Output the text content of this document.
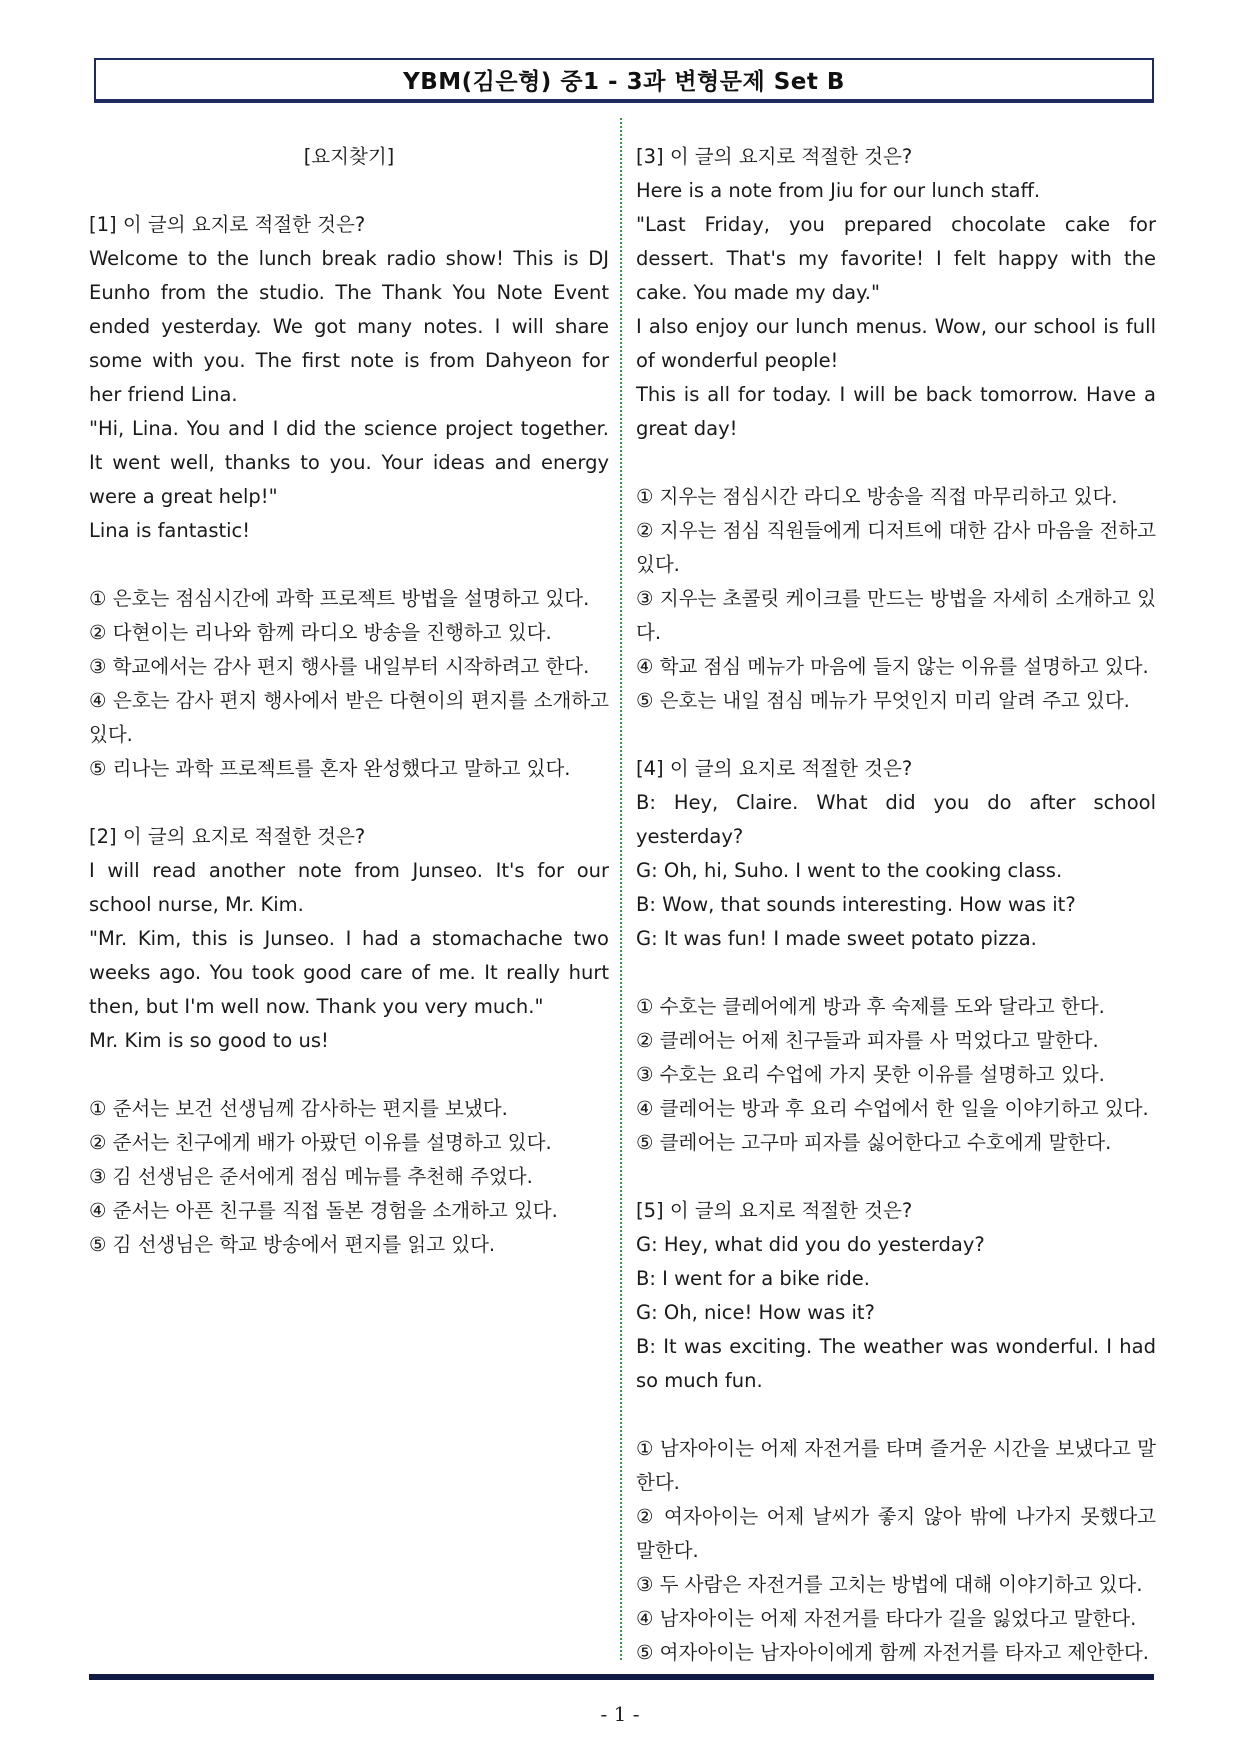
YBM(김은형) 중1 - 3과 변형문제 Set B

[요지찾기]

[1] 이 글의 요지로 적절한 것은?

Welcome to the lunch break radio show! This is DJ Eunho from the studio. The Thank You Note Event ended yesterday. We got many notes. I will share some with you. The first note is from Dahyeon for her friend Lina.

"Hi, Lina. You and I did the science project together. It went well, thanks to you. Your ideas and energy were a great help!"

Lina is fantastic!

① 은호는 점심시간에 과학 프로젝트 방법을 설명하고 있다.

② 다현이는 리나와 함께 라디오 방송을 진행하고 있다.

③ 학교에서는 감사 편지 행사를 내일부터 시작하려고 한다.

④ 은호는 감사 편지 행사에서 받은 다현이의 편지를 소개하고 있다.

⑤ 리나는 과학 프로젝트를 혼자 완성했다고 말하고 있다.

[2] 이 글의 요지로 적절한 것은?

I will read another note from Junseo. It's for our school nurse, Mr. Kim.

"Mr. Kim, this is Junseo. I had a stomachache two weeks ago. You took good care of me. It really hurt then, but I'm well now. Thank you very much."

Mr. Kim is so good to us!

① 준서는 보건 선생님께 감사하는 편지를 보냈다.

② 준서는 친구에게 배가 아팠던 이유를 설명하고 있다.

③ 김 선생님은 준서에게 점심 메뉴를 추천해 주었다.

④ 준서는 아픈 친구를 직접 돌본 경험을 소개하고 있다.

⑤ 김 선생님은 학교 방송에서 편지를 읽고 있다.

[3] 이 글의 요지로 적절한 것은?

Here is a note from Jiu for our lunch staff.

"Last Friday, you prepared chocolate cake for dessert. That's my favorite! I felt happy with the cake. You made my day."

I also enjoy our lunch menus. Wow, our school is full of wonderful people!

This is all for today. I will be back tomorrow. Have a great day!

① 지우는 점심시간 라디오 방송을 직접 마무리하고 있다.

② 지우는 점심 직원들에게 디저트에 대한 감사 마음을 전하고 있다.

③ 지우는 초콜릿 케이크를 만드는 방법을 자세히 소개하고 있다.

④ 학교 점심 메뉴가 마음에 들지 않는 이유를 설명하고 있다.

⑤ 은호는 내일 점심 메뉴가 무엇인지 미리 알려 주고 있다.

[4] 이 글의 요지로 적절한 것은?

B: Hey, Claire. What did you do after school yesterday?

G: Oh, hi, Suho. I went to the cooking class.

B: Wow, that sounds interesting. How was it?

G: It was fun! I made sweet potato pizza.

① 수호는 클레어에게 방과 후 숙제를 도와 달라고 한다.

② 클레어는 어제 친구들과 피자를 사 먹었다고 말한다.

③ 수호는 요리 수업에 가지 못한 이유를 설명하고 있다.

④ 클레어는 방과 후 요리 수업에서 한 일을 이야기하고 있다.

⑤ 클레어는 고구마 피자를 싫어한다고 수호에게 말한다.

[5] 이 글의 요지로 적절한 것은?

G: Hey, what did you do yesterday?

B: I went for a bike ride.

G: Oh, nice! How was it?

B: It was exciting. The weather was wonderful. I had so much fun.

① 남자아이는 어제 자전거를 타며 즐거운 시간을 보냈다고 말한다.

② 여자아이는 어제 날씨가 좋지 않아 밖에 나가지 못했다고 말한다.

③ 두 사람은 자전거를 고치는 방법에 대해 이야기하고 있다.

④ 남자아이는 어제 자전거를 타다가 길을 잃었다고 말한다.

⑤ 여자아이는 남자아이에게 함께 자전거를 타자고 제안한다.

- 1 -
